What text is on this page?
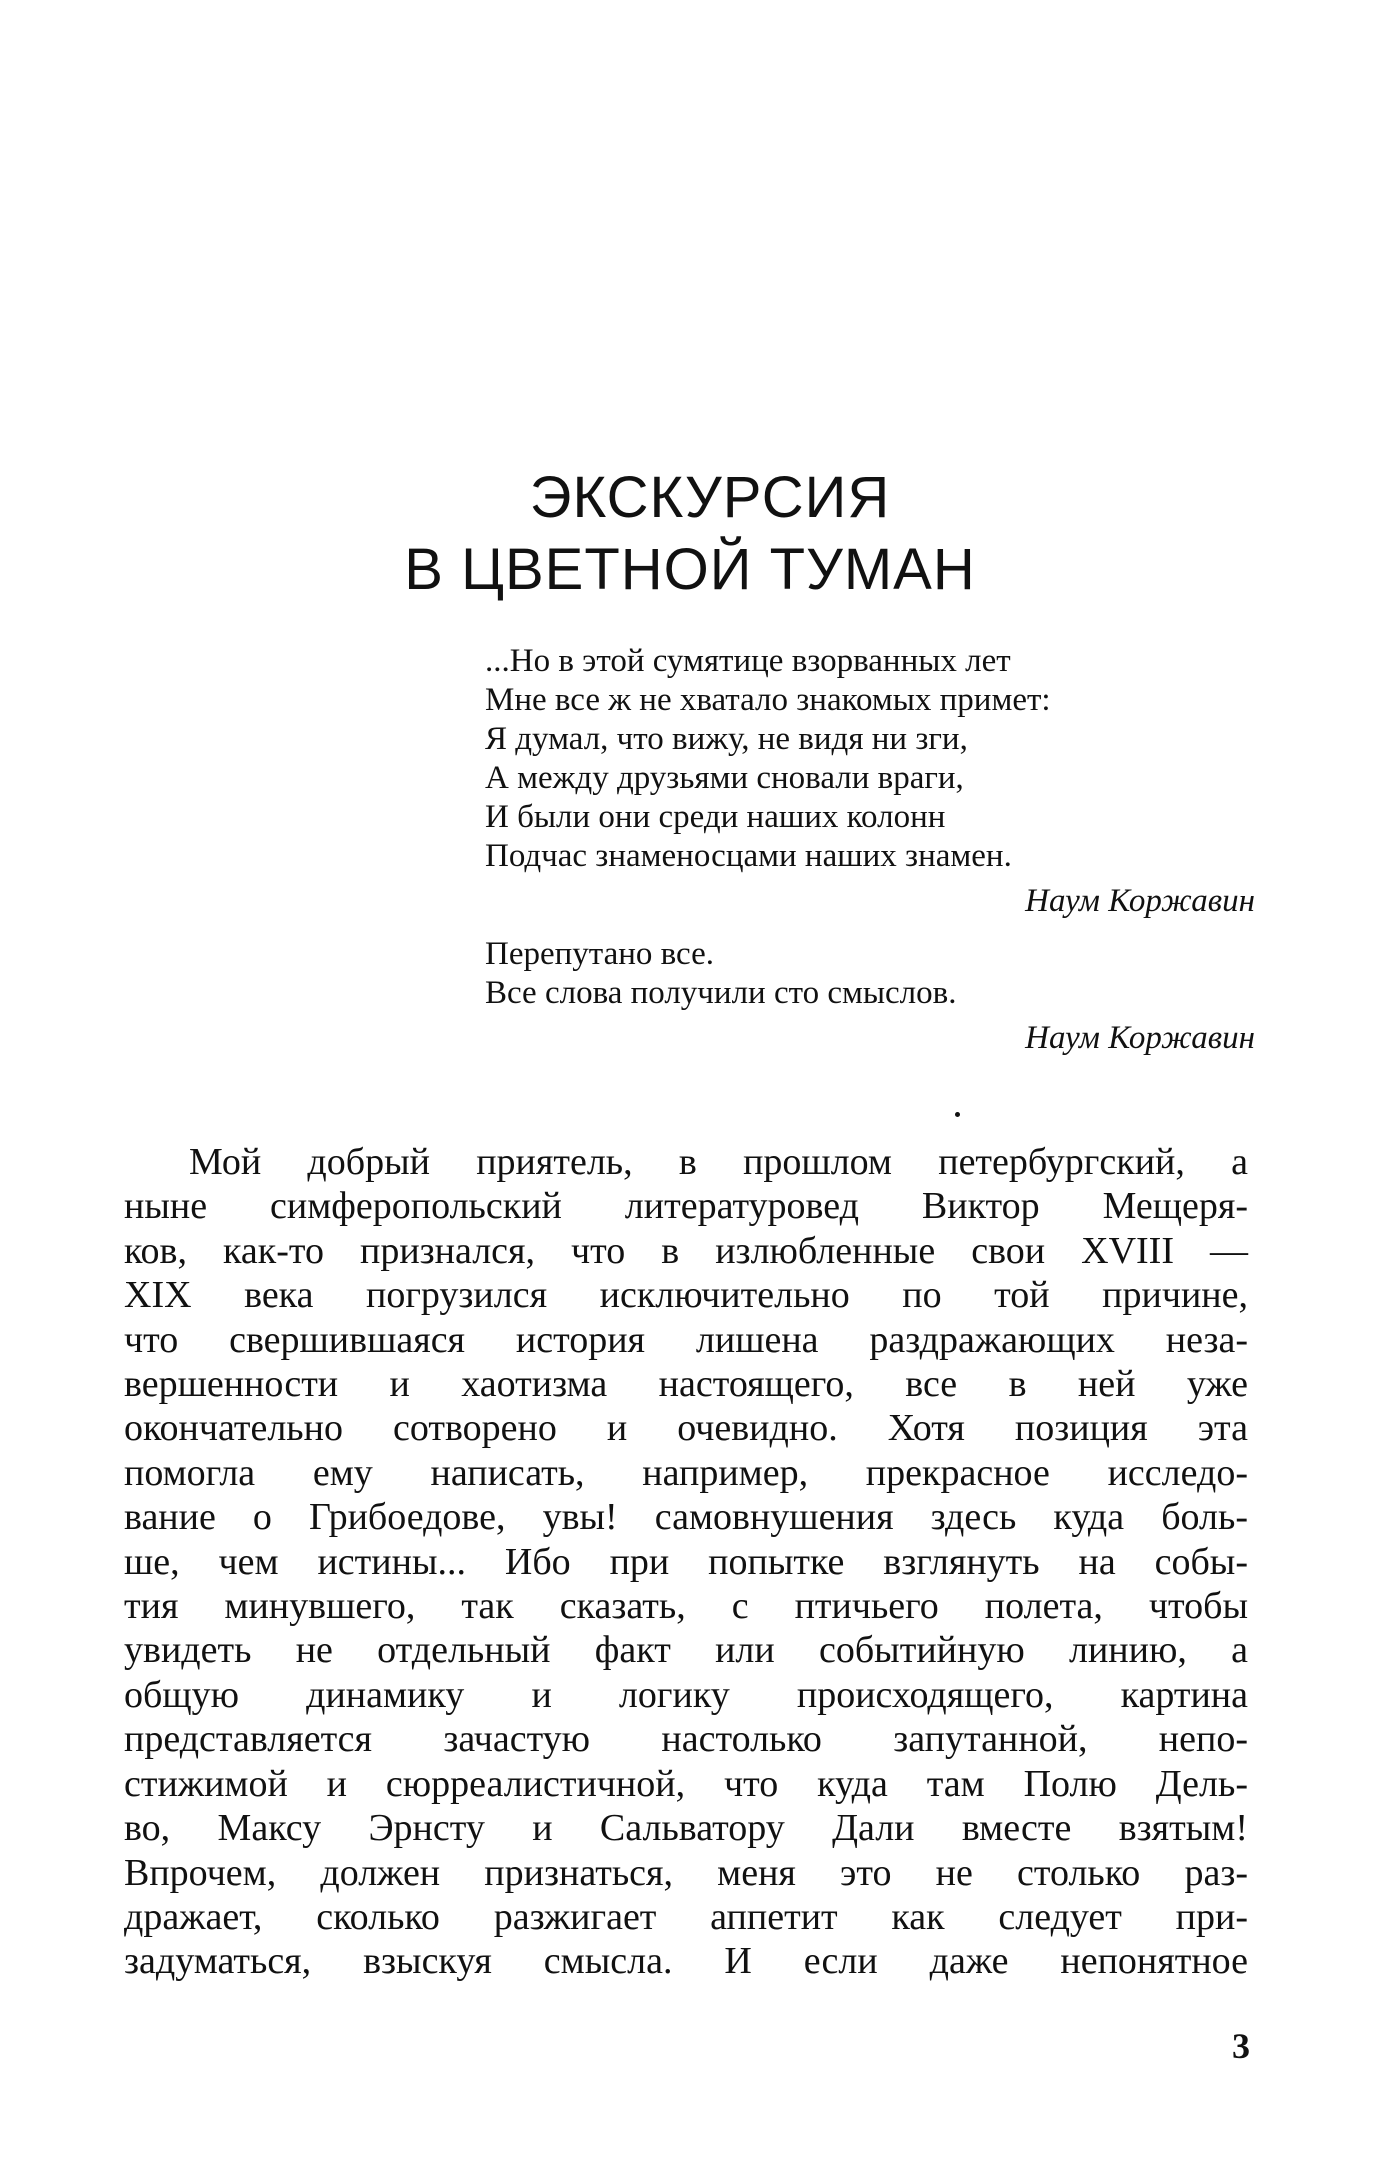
ЭКСКУРСИЯ
В ЦВЕТНОЙ ТУМАН
...Но в этой сумятице взорванных лет
Мне все ж не хватало знакомых примет:
Я думал, что вижу, не видя ни зги,
А между друзьями сновали враги,
И были они среди наших колонн
Подчас знаменосцами наших знамен.
Наум Коржавин
Перепутано все.
Все слова получили сто смыслов.
Наум Коржавин
Мой добрый приятель, в прошлом петербургский, а
ныне симферопольский литературовед Виктор Мещеря-
ков, как-то признался, что в излюбленные свои XVIII —
XIX века погрузился исключительно по той причине,
что свершившаяся история лишена раздражающих неза-
вершенности и хаотизма настоящего, все в ней уже
окончательно сотворено и очевидно. Хотя позиция эта
помогла ему написать, например, прекрасное исследо-
вание о Грибоедове, увы! самовнушения здесь куда боль-
ше, чем истины... Ибо при попытке взглянуть на собы-
тия минувшего, так сказать, с птичьего полета, чтобы
увидеть не отдельный факт или событийную линию, а
общую динамику и логику происходящего, картина
представляется зачастую настолько запутанной, непо-
стижимой и сюрреалистичной, что куда там Полю Дель-
во, Максу Эрнсту и Сальватору Дали вместе взятым!
Впрочем, должен признаться, меня это не столько раз-
дражает, сколько разжигает аппетит как следует при-
задуматься, взыскуя смысла. И если даже непонятное
3
